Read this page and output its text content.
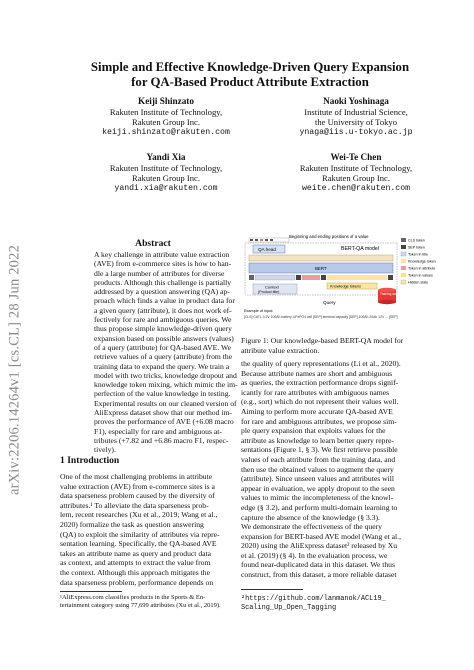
arXiv:2206.14264v1 [cs.CL] 28 Jun 2022
Simple and Effective Knowledge-Driven Query Expansion
for QA-Based Product Attribute Extraction
Keiji Shinzato
Rakuten Institute of Technology,
Rakuten Group Inc.
keiji.shinzato@rakuten.com
Naoki Yoshinaga
Institute of Industrial Science,
the University of Tokyo
ynaga@iis.u-tokyo.ac.jp
Yandi Xia
Rakuten Institute of Technology,
Rakuten Group Inc.
yandi.xia@rakuten.com
Wei-Te Chen
Rakuten Institute of Technology,
Rakuten Group Inc.
weite.chen@rakuten.com
Abstract
A key challenge in attribute value extraction
(AVE) from e-commerce sites is how to han-
dle a large number of attributes for diverse
products. Although this challenge is partially
addressed by a question answering (QA) ap-
proach which finds a value in product data for
a given query (attribute), it does not work ef-
fectively for rare and ambiguous queries. We
thus propose simple knowledge-driven query
expansion based on possible answers (values)
of a query (attribute) for QA-based AVE. We
retrieve values of a query (attribute) from the
training data to expand the query. We train a
model with two tricks, knowledge dropout and
knowledge token mixing, which mimic the im-
perfection of the value knowledge in testing.
Experimental results on our cleaned version of
AliExpress dataset show that our method im-
proves the performance of AVE (+6.08 macro
F1), especially for rare and ambiguous at-
tributes (+7.82 and +6.86 macro F1, respec-
tively).
1 Introduction
One of the most challenging problems in attribute
value extraction (AVE) from e-commerce sites is a
data sparseness problem caused by the diversity of
attributes.¹ To alleviate the data sparseness prob-
lem, recent researches (Xu et al., 2019; Wang et al.,
2020) formalize the task as question answering
(QA) to exploit the similarity of attributes via repre-
sentation learning. Specifically, the QA-based AVE
takes an attribute name as query and product data
as context, and attempts to extract the value from
the context. Although this approach mitigates the
data sparseness problem, performance depends on
¹AliExpress.com classifies products in the Sports & En-
tertainment category using 77,699 attributes (Xu et al., 2019).
Beginning and ending positions of a value
QA head	BERT-QA model
BERT
Context
(Product title)
Query
Knowledge tokens
Training data
CLS token
SEP token
Token in title
Knowledge token
Token in attribute
Token in values
Hidden state
Example of input:
[CLS] CATL 3.2V 100Ah battery LiFePO4 cell [SEP] terminal capacity [SEP] 100Ah 20Ah 12V ... [SEP]
Figure 1: Our knowledge-based BERT-QA model for
attribute value extraction.
the quality of query representations (Li et al., 2020).
Because attribute names are short and ambiguous
as queries, the extraction performance drops signif-
icantly for rare attributes with ambiguous names
(e.g., sort) which do not represent their values well.
Aiming to perform more accurate QA-based AVE
for rare and ambiguous attributes, we propose sim-
ple query expansion that exploits values for the
attribute as knowledge to learn better query repre-
sentations (Figure 1, § 3). We first retrieve possible
values of each attribute from the training data, and
then use the obtained values to augment the query
(attribute). Since unseen values and attributes will
appear in evaluation, we apply dropout to the seen
values to mimic the incompleteness of the knowl-
edge (§ 3.2), and perform multi-domain learning to
capture the absence of the knowledge (§ 3.3).
We demonstrate the effectiveness of the query
expansion for BERT-based AVE model (Wang et al.,
2020) using the AliExpress dataset² released by Xu
et al. (2019) (§ 4). In the evaluation process, we
found near-duplicated data in this dataset. We thus
construct, from this dataset, a more reliable dataset
²https://github.com/lanmanok/ACL19_
Scaling_Up_Open_Tagging
